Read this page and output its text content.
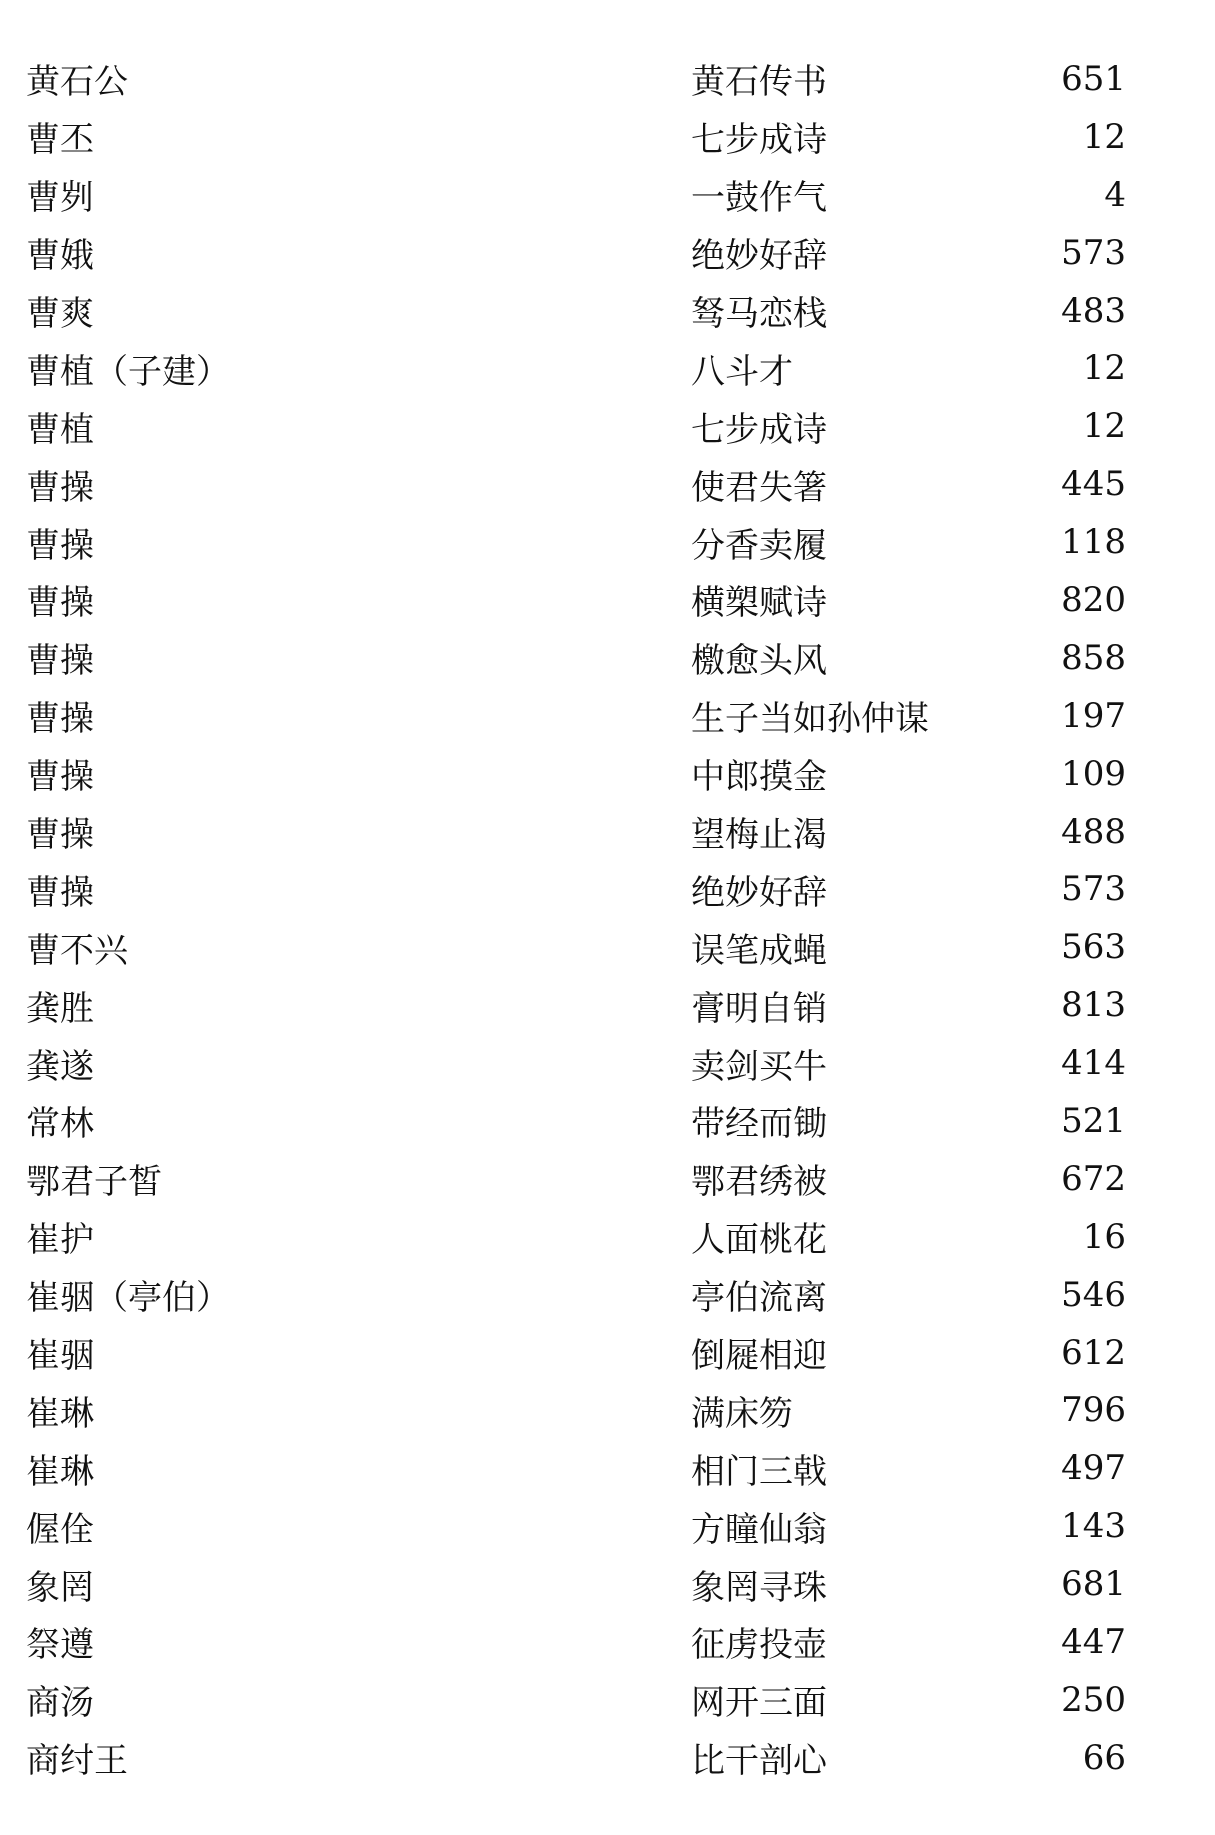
黄石公	黄石传书	651
曹丕	七步成诗	12
曹刿	一鼓作气	4
曹娥	绝妙好辞	573
曹爽	驽马恋栈	483
曹植（子建）	八斗才	12
曹植	七步成诗	12
曹操	使君失箸	445
曹操	分香卖履	118
曹操	横槊赋诗	820
曹操	檄愈头风	858
曹操	生子当如孙仲谋	197
曹操	中郎摸金	109
曹操	望梅止渴	488
曹操	绝妙好辞	573
曹不兴	误笔成蝇	563
龚胜	膏明自销	813
龚遂	卖剑买牛	414
常林	带经而锄	521
鄂君子皙	鄂君绣被	672
崔护	人面桃花	16
崔骃（亭伯）	亭伯流离	546
崔骃	倒屣相迎	612
崔琳	满床笏	796
崔琳	相门三戟	497
偓佺	方瞳仙翁	143
象罔	象罔寻珠	681
祭遵	征虏投壶	447
商汤	网开三面	250
商纣王	比干剖心	66
